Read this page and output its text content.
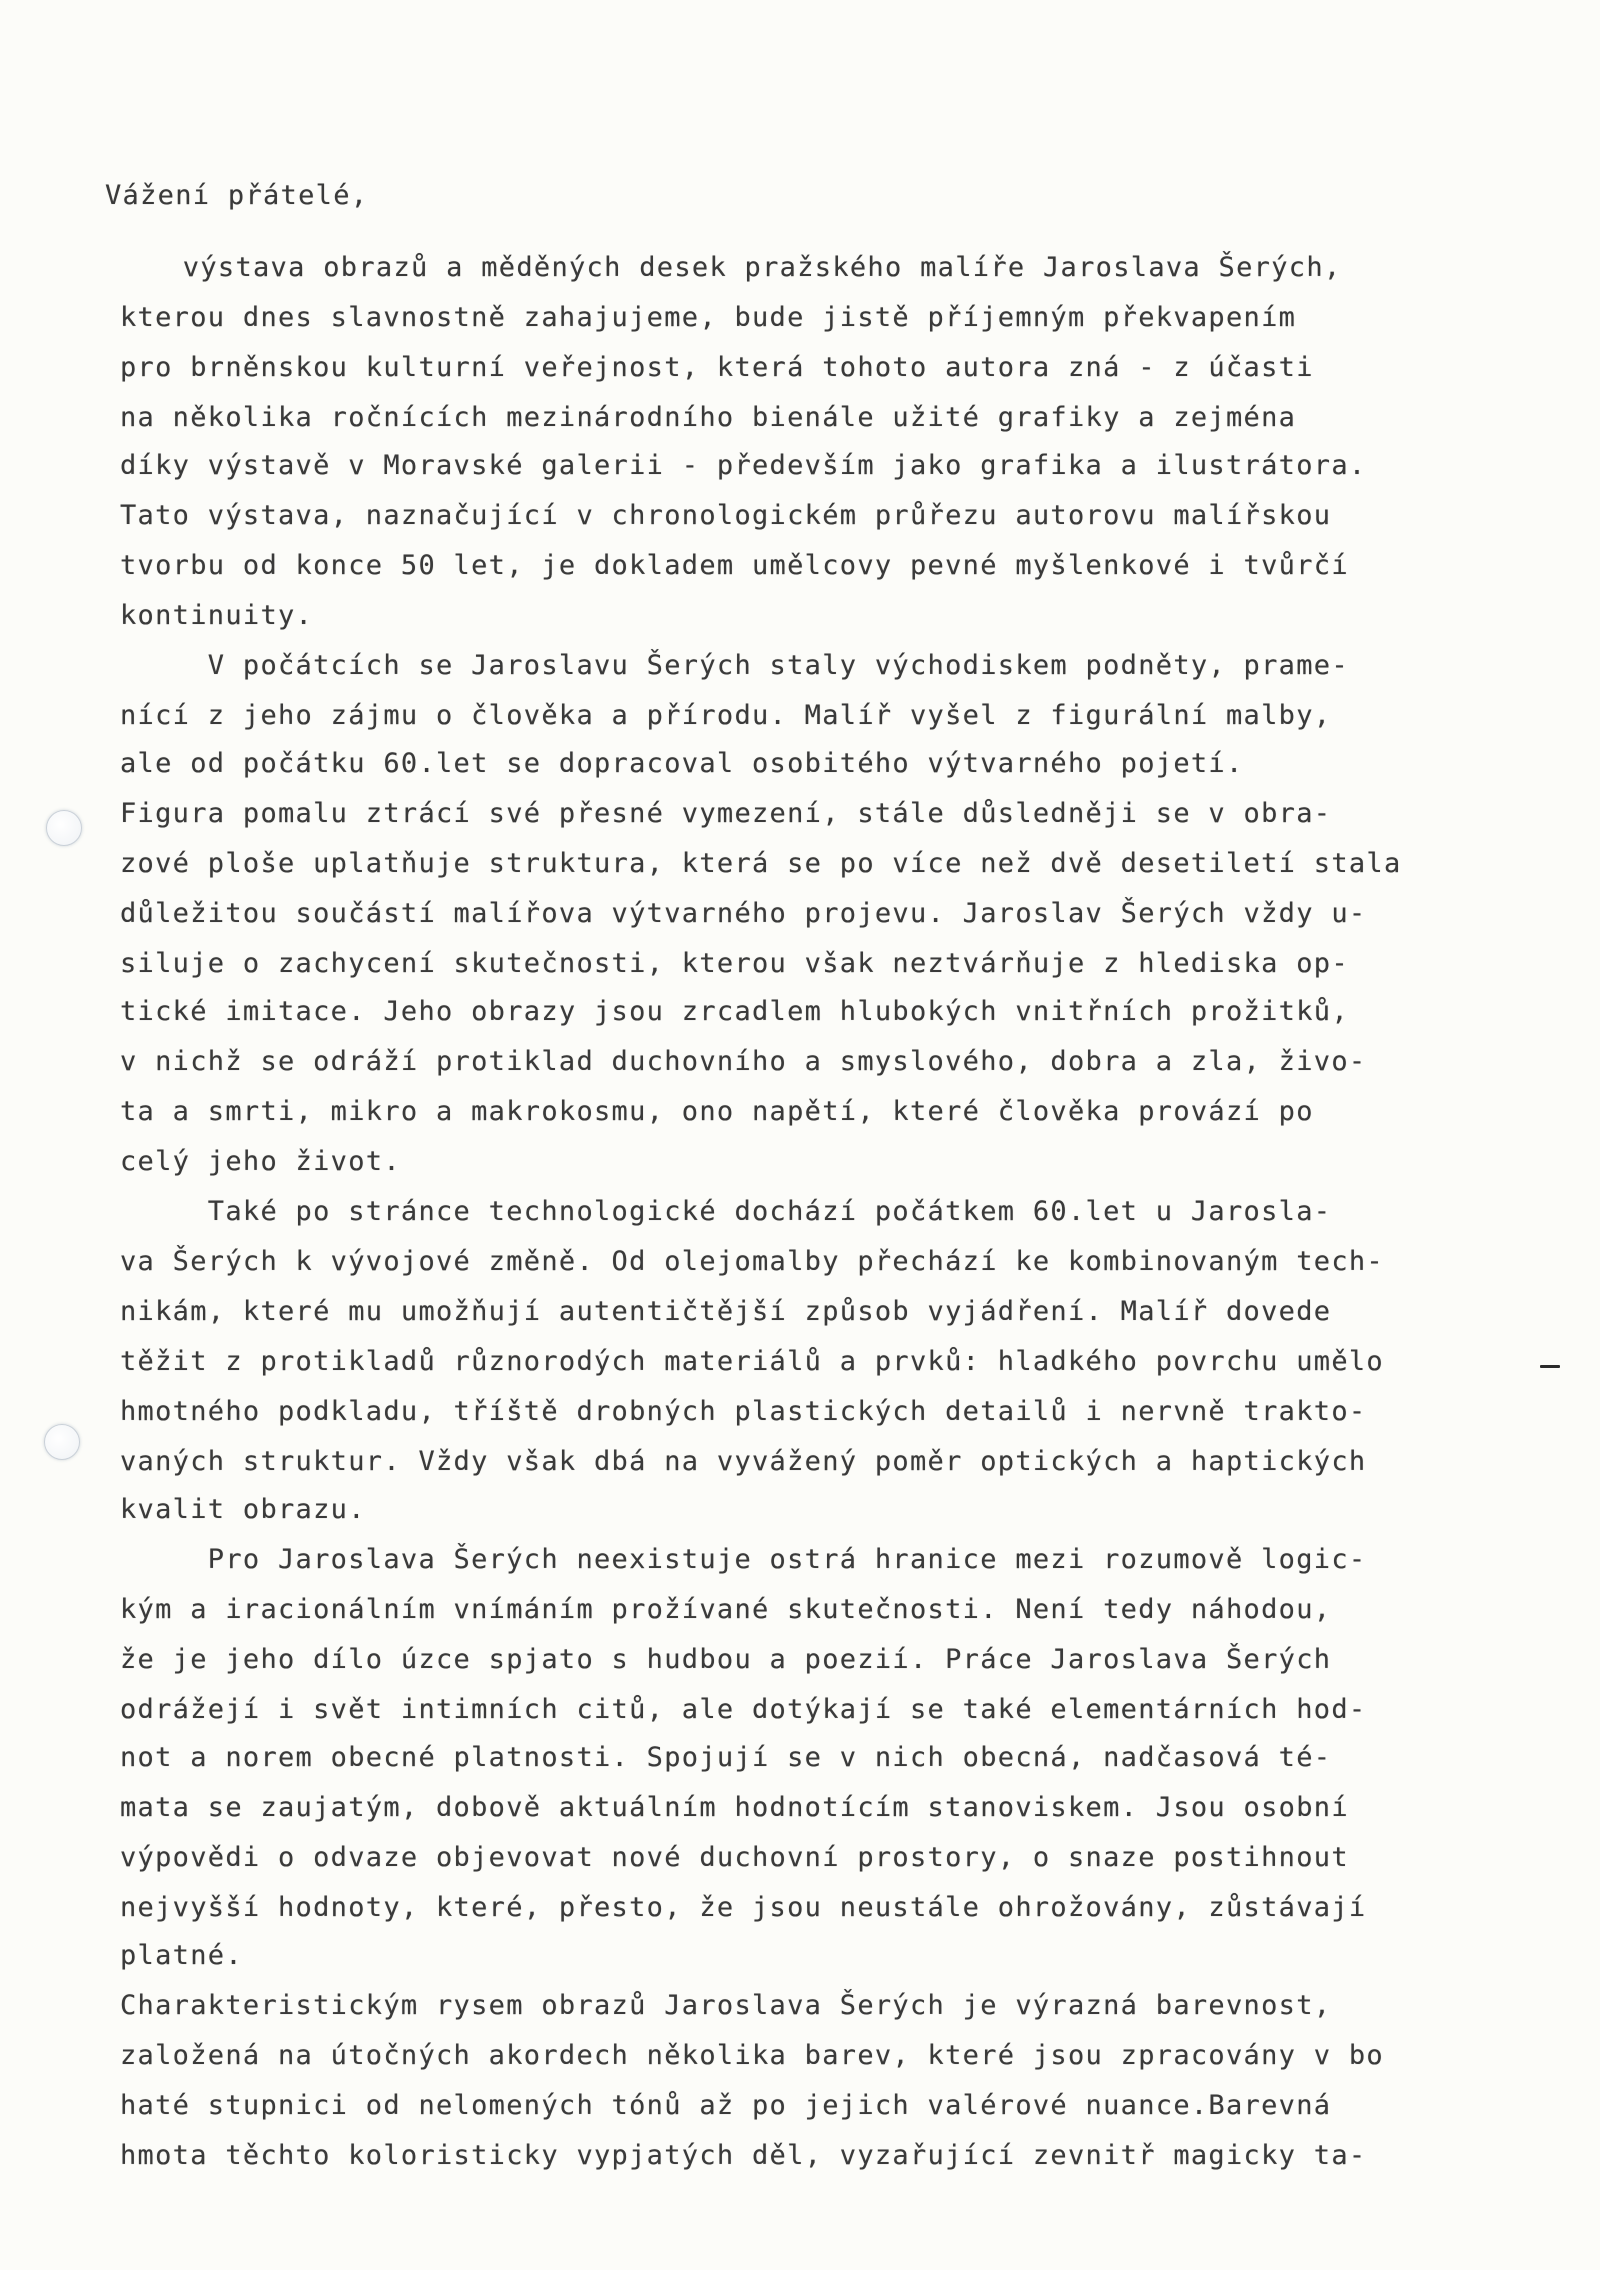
Vážení přátelé,

výstava obrazů a měděných desek pražského malíře Jaroslava Šerých,

kterou dnes slavnostně zahajujeme, bude jistě příjemným překvapením

pro brněnskou kulturní veřejnost, která tohoto autora zná - z účasti

na několika ročnících mezinárodního bienále užité grafiky a zejména

díky výstavě v Moravské galerii - především jako grafika a ilustrátora.

Tato výstava, naznačující v chronologickém průřezu autorovu malířskou

tvorbu od konce 50 let, je dokladem umělcovy pevné myšlenkové i tvůrčí

kontinuity.

V počátcích se Jaroslavu Šerých staly východiskem podněty, prame-

nící z jeho zájmu o člověka a přírodu. Malíř vyšel z figurální malby,

ale od počátku 60.let se dopracoval osobitého výtvarného pojetí.

Figura pomalu ztrácí své přesné vymezení, stále důsledněji se v obra-

zové ploše uplatňuje struktura, která se po více než dvě desetiletí stala

důležitou součástí malířova výtvarného projevu. Jaroslav Šerých vždy u-

siluje o zachycení skutečnosti, kterou však neztvárňuje z hlediska op-

tické imitace. Jeho obrazy jsou zrcadlem hlubokých vnitřních prožitků,

v nichž se odráží protiklad duchovního a smyslového, dobra a zla, živo-

ta a smrti, mikro a makrokosmu, ono napětí, které člověka provází po

celý jeho život.

Také po stránce technologické dochází počátkem 60.let u Jarosla-

va Šerých k vývojové změně. Od olejomalby přechází ke kombinovaným tech-

nikám, které mu umožňují autentičtější způsob vyjádření. Malíř dovede

těžit z protikladů různorodých materiálů a prvků: hladkého povrchu umělo

hmotného podkladu, tříště drobných plastických detailů i nervně trakto-

vaných struktur. Vždy však dbá na vyvážený poměr optických a haptických

kvalit obrazu.

Pro Jaroslava Šerých neexistuje ostrá hranice mezi rozumově logic-

kým a iracionálním vnímáním prožívané skutečnosti. Není tedy náhodou,

že je jeho dílo úzce spjato s hudbou a poezií. Práce Jaroslava Šerých

odrážejí i svět intimních citů, ale dotýkají se také elementárních hod-

not a norem obecné platnosti. Spojují se v nich obecná, nadčasová té-

mata se zaujatým, dobově aktuálním hodnotícím stanoviskem. Jsou osobní

výpovědi o odvaze objevovat nové duchovní prostory, o snaze postihnout

nejvyšší hodnoty, které, přesto, že jsou neustále ohrožovány, zůstávají

platné.

Charakteristickým rysem obrazů Jaroslava Šerých je výrazná barevnost,

založená na útočných akordech několika barev, které jsou zpracovány v bo

haté stupnici od nelomených tónů až po jejich valérové nuance.Barevná

hmota těchto koloristicky vypjatých děl, vyzařující zevnitř magicky ta-
